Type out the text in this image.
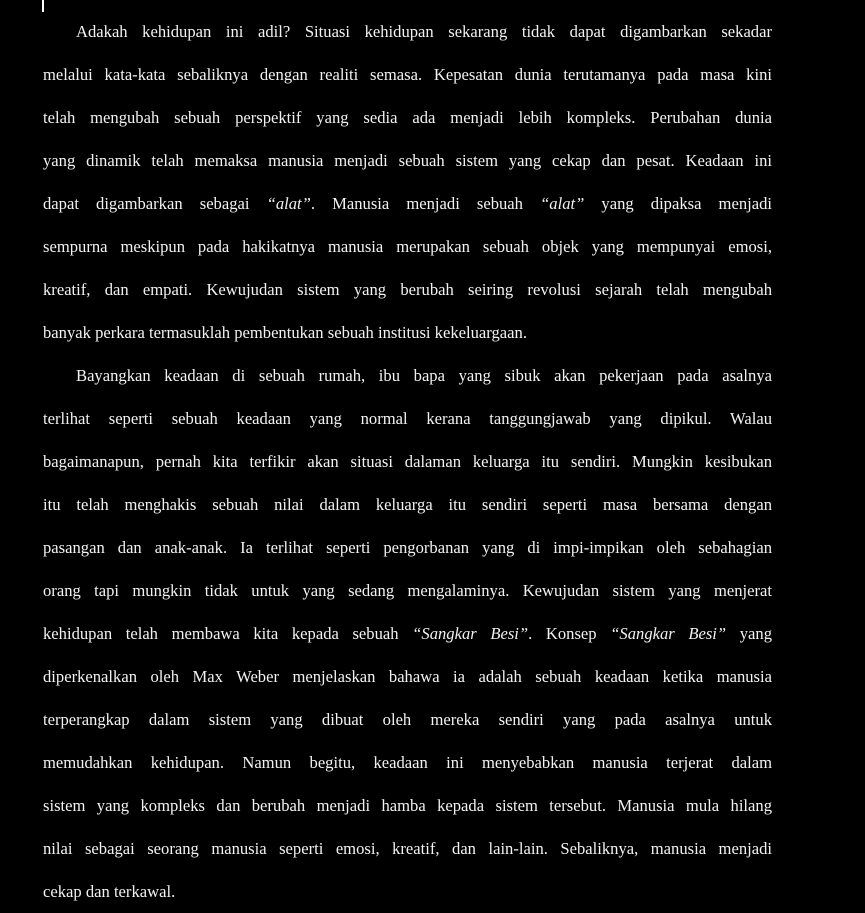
Adakah kehidupan ini adil? Situasi kehidupan sekarang tidak dapat digambarkan sekadar
melalui kata-kata sebaliknya dengan realiti semasa. Kepesatan dunia terutamanya pada masa kini
telah mengubah sebuah perspektif yang sedia ada menjadi lebih kompleks. Perubahan dunia
yang dinamik telah memaksa manusia menjadi sebuah sistem yang cekap dan pesat. Keadaan ini
dapat digambarkan sebagai “alat”. Manusia menjadi sebuah “alat” yang dipaksa menjadi
sempurna meskipun pada hakikatnya manusia merupakan sebuah objek yang mempunyai emosi,
kreatif, dan empati. Kewujudan sistem yang berubah seiring revolusi sejarah telah mengubah
banyak perkara termasuklah pembentukan sebuah institusi kekeluargaan.
Bayangkan keadaan di sebuah rumah, ibu bapa yang sibuk akan pekerjaan pada asalnya
terlihat seperti sebuah keadaan yang normal kerana tanggungjawab yang dipikul. Walau
bagaimanapun, pernah kita terfikir akan situasi dalaman keluarga itu sendiri. Mungkin kesibukan
itu telah menghakis sebuah nilai dalam keluarga itu sendiri seperti masa bersama dengan
pasangan dan anak-anak. Ia terlihat seperti pengorbanan yang di impi-impikan oleh sebahagian
orang tapi mungkin tidak untuk yang sedang mengalaminya. Kewujudan sistem yang menjerat
kehidupan telah membawa kita kepada sebuah “Sangkar Besi”. Konsep “Sangkar Besi” yang
diperkenalkan oleh Max Weber menjelaskan bahawa ia adalah sebuah keadaan ketika manusia
terperangkap dalam sistem yang dibuat oleh mereka sendiri yang pada asalnya untuk
memudahkan kehidupan. Namun begitu, keadaan ini menyebabkan manusia terjerat dalam
sistem yang kompleks dan berubah menjadi hamba kepada sistem tersebut. Manusia mula hilang
nilai sebagai seorang manusia seperti emosi, kreatif, dan lain-lain. Sebaliknya, manusia menjadi
cekap dan terkawal.
